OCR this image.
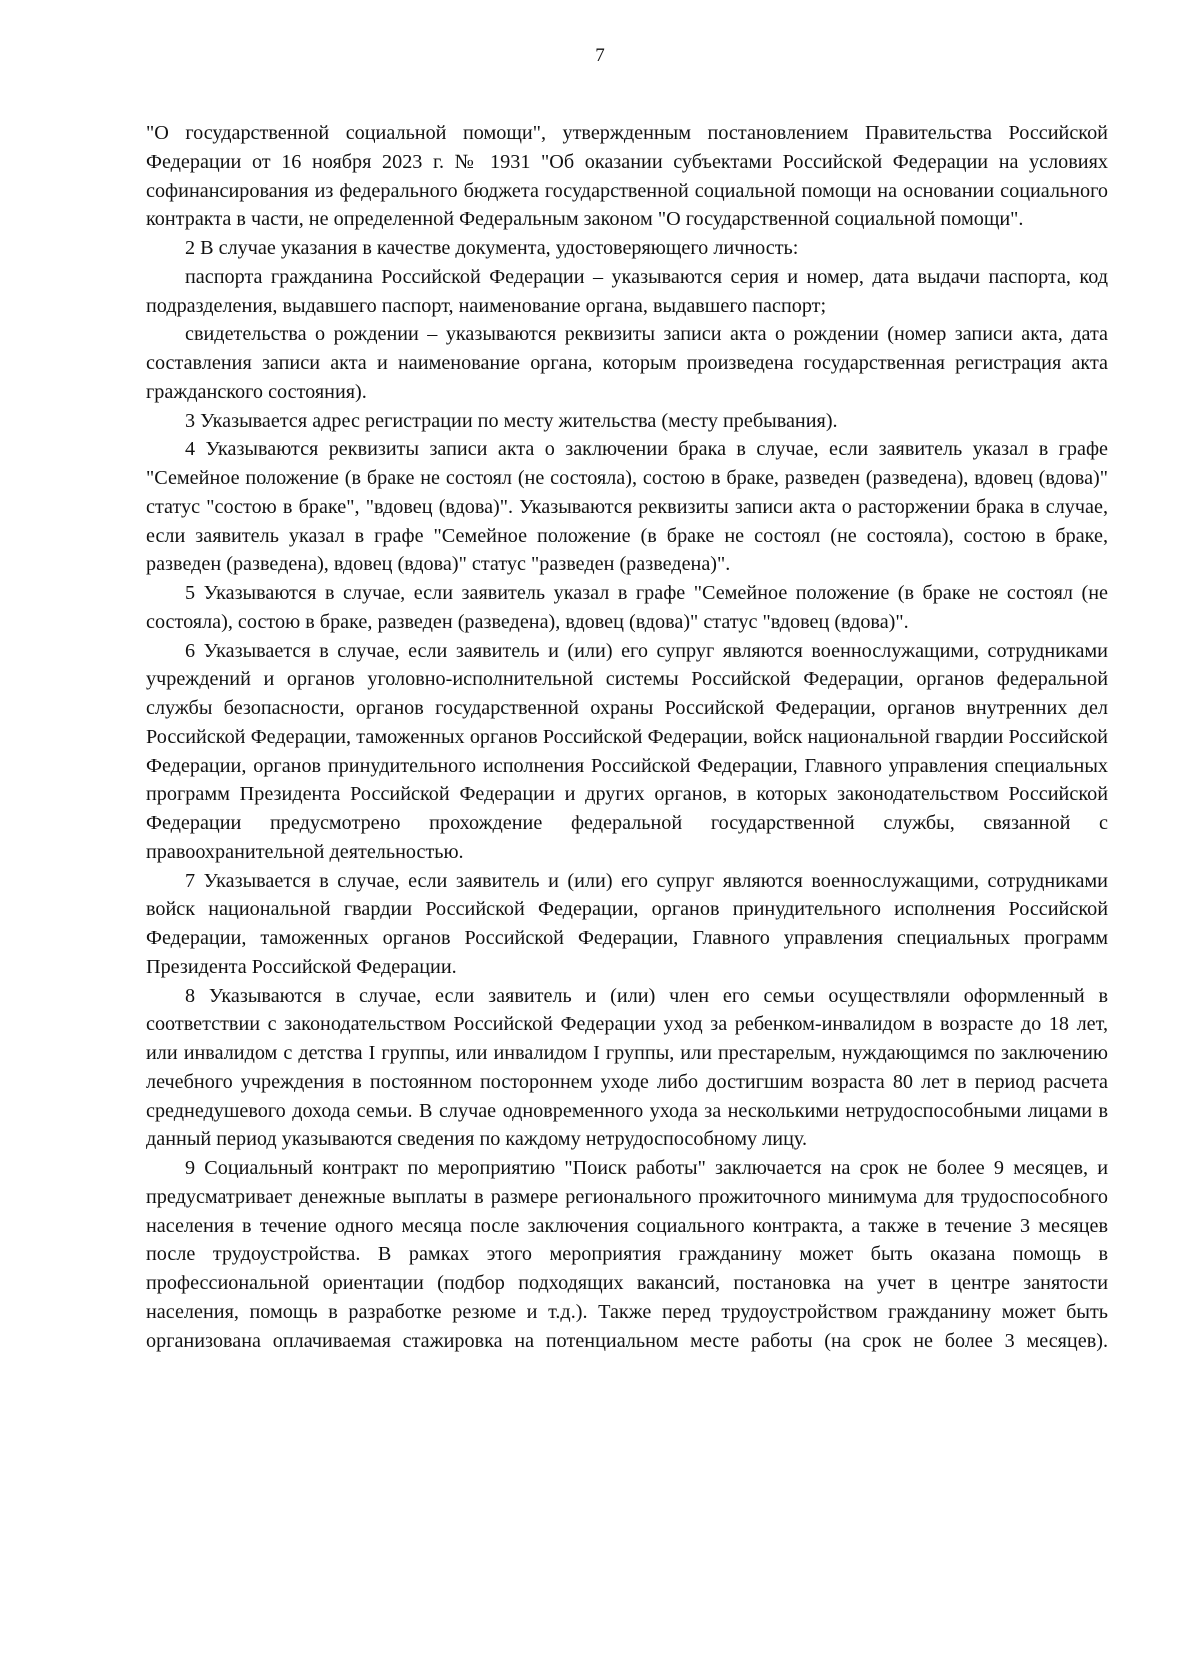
7

"О государственной социальной помощи", утвержденным постановлением Правительства Российской Федерации от 16 ноября 2023 г. № 1931 "Об оказании субъектами Российской Федерации на условиях софинансирования из федерального бюджета государственной социальной помощи на основании социального контракта в части, не определенной Федеральным законом "О государственной социальной помощи".

2 В случае указания в качестве документа, удостоверяющего личность:

паспорта гражданина Российской Федерации – указываются серия и номер, дата выдачи паспорта, код подразделения, выдавшего паспорт, наименование органа, выдавшего паспорт;

свидетельства о рождении – указываются реквизиты записи акта о рождении (номер записи акта, дата составления записи акта и наименование органа, которым произведена государственная регистрация акта гражданского состояния).

3 Указывается адрес регистрации по месту жительства (месту пребывания).

4 Указываются реквизиты записи акта о заключении брака в случае, если заявитель указал в графе "Семейное положение (в браке не состоял (не состояла), состою в браке, разведен (разведена), вдовец (вдова)" статус "состою в браке", "вдовец (вдова)". Указываются реквизиты записи акта о расторжении брака в случае, если заявитель указал в графе "Семейное положение (в браке не состоял (не состояла), состою в браке, разведен (разведена), вдовец (вдова)" статус "разведен (разведена)".

5 Указываются в случае, если заявитель указал в графе "Семейное положение (в браке не состоял (не состояла), состою в браке, разведен (разведена), вдовец (вдова)" статус "вдовец (вдова)".

6 Указывается в случае, если заявитель и (или) его супруг являются военнослужащими, сотрудниками учреждений и органов уголовно-исполнительной системы Российской Федерации, органов федеральной службы безопасности, органов государственной охраны Российской Федерации, органов внутренних дел Российской Федерации, таможенных органов Российской Федерации, войск национальной гвардии Российской Федерации, органов принудительного исполнения Российской Федерации, Главного управления специальных программ Президента Российской Федерации и других органов, в которых законодательством Российской Федерации предусмотрено прохождение федеральной государственной службы, связанной с правоохранительной деятельностью.

7 Указывается в случае, если заявитель и (или) его супруг являются военнослужащими, сотрудниками войск национальной гвардии Российской Федерации, органов принудительного исполнения Российской Федерации, таможенных органов Российской Федерации, Главного управления специальных программ Президента Российской Федерации.

8 Указываются в случае, если заявитель и (или) член его семьи осуществляли оформленный в соответствии с законодательством Российской Федерации уход за ребенком-инвалидом в возрасте до 18 лет, или инвалидом с детства I группы, или инвалидом I группы, или престарелым, нуждающимся по заключению лечебного учреждения в постоянном постороннем уходе либо достигшим возраста 80 лет в период расчета среднедушевого дохода семьи. В случае одновременного ухода за несколькими нетрудоспособными лицами в данный период указываются сведения по каждому нетрудоспособному лицу.

9 Социальный контракт по мероприятию "Поиск работы" заключается на срок не более 9 месяцев, и предусматривает денежные выплаты в размере регионального прожиточного минимума для трудоспособного населения в течение одного месяца после заключения социального контракта, а также в течение 3 месяцев после трудоустройства. В рамках этого мероприятия гражданину может быть оказана помощь в профессиональной ориентации (подбор подходящих вакансий, постановка на учет в центре занятости населения, помощь в разработке резюме и т.д.). Также перед трудоустройством гражданину может быть организована оплачиваемая стажировка на потенциальном месте работы (на срок не более 3 месяцев).
